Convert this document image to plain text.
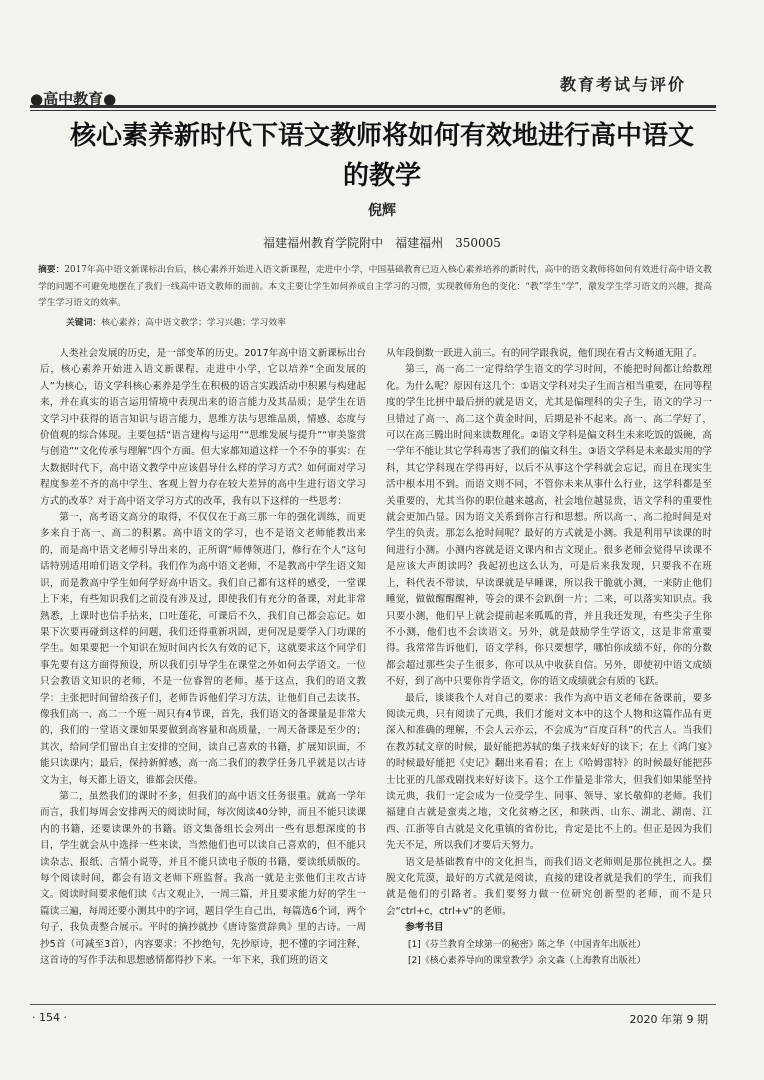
●高中教育●
教育考试与评价
核心素养新时代下语文教师将如何有效地进行高中语文的教学
倪辉
福建福州教育学院附中　福建福州　350005
摘要：2017年高中语文新课标出台后，核心素养开始进入语文新课程，走进中小学，中国基础教育已迈入核心素养培养的新时代，高中的语文教师将如何有效进行高中语文教学的问题不可避免地摆在了我们一线高中语文教师的面前。本文主要让学生如何养成自主学习的习惯，实现教师角色的变化：“教”学生“学”，激发学生学习语文的兴趣，提高学生学习语文的效率。
关键词：核心素养；高中语文教学；学习兴趣；学习效率

人类社会发展的历史，是一部变革的历史。2017年高中语文新课标出台后，核心素养开始进入语文新课程，走进中小学，它以培养“全面发展的人”为核心，语文学科核心素养是学生在积极的语言实践活动中积累与构建起来，并在真实的语言运用情境中表现出来的语言能力及其品质；是学生在语文学习中获得的语言知识与语言能力，思维方法与思维品质，情感、态度与价值观的综合体现。主要包括“语言建构与运用”“思维发展与提升”“审美鉴赏与创造”“文化传承与理解”四个方面。但大家都知道这样一个不争的事实：在大数据时代下，高中语文教学中应该倡导什么样的学习方式？如何面对学习程度参差不齐的高中学生、客观上智力存在较大差异的高中生进行语文学习方式的改革？对于高中语文学习方式的改革，我有以下这样的一些思考：

第一，高考语文高分的取得，不仅仅在于高三那一年的强化训练，而更多来自于高一、高二的积累。高中语文的学习，也不是语文老师能教出来的，而是高中语文老师引导出来的，正所谓“师傅领进门，修行在个人”这句话特别适用咱们语文学科。我们作为高中语文老师，不是教高中学生语文知识，而是教高中学生如何学好高中语文。我们自己都有这样的感受，一堂课上下来，有些知识我们之前没有涉及过，即使我们有充分的备课，对此非常熟悉，上课时也信手拈来，口吐莲花，可课后不久，我们自己都会忘记。如果下次要再碰到这样的问题，我们还得重新巩固，更何况是要学入门功课的学生。如果要把一个知识在短时间内长久有效的记下，这就要求这个同学们事先要有这方面得预设，所以我们引导学生在课堂之外如何去学语文。一位只会教语文知识的老师，不是一位睿智的老师。基于这点，我们的语文教学：主张把时间留给孩子们，老师告诉他们学习方法，让他们自己去读书。像我们高一、高二一个班一周只有4节课，首先，我们语文的备课量是非常大的，我们的一堂语文课如果要做到高容量和高质量，一周天备课是至少的；其次，给同学们留出自主安排的空间，读自己喜欢的书籍，扩展知识面，不能只读课内；最后，保持新鲜感，高一高二我们的教学任务几乎就是以古诗文为主，每天都上语文，谁都会厌倦。

第二，虽然我们的课时不多，但我们的高中语文任务很重。就高一学年而言，我们每周会安排两天的阅读时间，每次阅读40分钟，而且不能只读课内的书籍，还要读课外的书籍。语文集备组长会列出一些有思想深度的书目，学生就会从中选择一些来读，当然他们也可以读自己喜欢的，但不能只读杂志、报纸、言情小说等，并且不能只读电子版的书籍，要读纸质版的。每个阅读时间，都会有语文老师下班监督。我高一就是主张他们主攻古诗文。阅读时间要求他们读《古文观止》，一周三篇，并且要求能力好的学生一篇读三遍，每周还要小测其中的字词，题目学生自己出，每篇选6个词，两个句子，我负责整合展示。平时的摘抄就抄《唐诗鉴赏辞典》里的古诗。一周抄5首（可减至3首），内容要求：不抄绝句，先抄原诗，把不懂的字词注释、这首诗的写作手法和思想感情都得抄下来。一年下来，我们班的语文

从年段倒数一跃进入前三。有的同学跟我说，他们现在看古文畅通无阻了。

第三，高一高二一定得给学生语文的学习时间，不能把时间都让给数理化。为什么呢？原因有这几个：①语文学科对尖子生而言相当重要，在同等程度的学生比拼中最后拼的就是语文，尤其是偏理科的尖子生，语文的学习一旦错过了高一、高二这个黄金时间，后期是补不起来。高一、高二学好了，可以在高三腾出时间来读数理化。②语文学科是偏文科生未来吃饭的饭碗，高一学年不能让其它学科毒害了我们的偏文科生。③语文学科是未来最实用的学科，其它学科现在学得再好，以后不从事这个学科就会忘记，而且在现实生活中根本用不到。而语文则不同，不管你未来从事什么行业，这学科都是至关重要的，尤其当你的职位越来越高，社会地位越显贵，语文学科的重要性就会更加凸显。因为语文关系到你言行和思想。所以高一、高二抢时间是对学生的负责。那怎么抢时间呢？最好的方式就是小测。我是利用早读课的时间进行小测。小测内容就是语文课内和古文现止。很多老师会觉得早读课不是应该大声朗读吗？我起初也这么认为，可是后来我发现，只要我不在班上，科代表不带读，早读课就是早睡课，所以我干脆就小测，一来防止他们睡觉，做做醒醒醒神，等会的课不会趴倒一片；二来，可以落实知识点。我只要小测，他们早上就会提前起来呱呱的背，并且我还发现，有些尖子生你不小测，他们也不会读语文。另外，就是鼓励学生学语文，这是非常重要得。我常常告诉他们，语文学科，你只要想学，哪怕你成绩不好，你的分数都会超过那些尖子生很多，你可以从中收获自信。另外，即使初中语文成绩不好，到了高中只要你肯学语文，你的语文成绩就会有质的飞跃。

最后，谈谈我个人对自己的要求：我作为高中语文老师在备课前，要多阅读元典，只有阅读了元典，我们才能对文本中的这个人物和这篇作品有更深入和准确的理解，不会人云亦云，不会成为“百度百科”的代言人。当我们在教苏轼文章的时候，最好能把苏轼的集子找来好好的读下；在上《鸿门宴》的时候最好能把《史记》翻出来看看；在上《哈姆雷特》的时候最好能把莎士比亚的几部戏剧找来好好读下。这个工作量是非常大，但我们如果能坚持读元典，我们一定会成为一位受学生、同事、领导、家长敬仰的老师。我们福建自古就是蛮夷之地，文化贫瘠之区，和陕西、山东、湖北、湖南、江西、江浙等自古就是文化重镇的省份比，肯定是比不上的。但正是因为我们先天不足，所以我们才要后天努力。

语文是基础教育中的文化担当，而我们语文老师则是那位挑担之人。摆脱文化荒漠，最好的方式就是阅读，直接的建设者就是我们的学生，而我们就是他们的引路者。我们要努力做一位研究创新型的老师，而不是只会“ctrl+c，ctrl+v”的老师。

参考书目

[1]《芬兰教育全球第一的秘密》陈之华（中国青年出版社）

[2]《核心素养导向的课堂教学》余文森（上海教育出版社）

· 154 ·	2020 年第 9 期
